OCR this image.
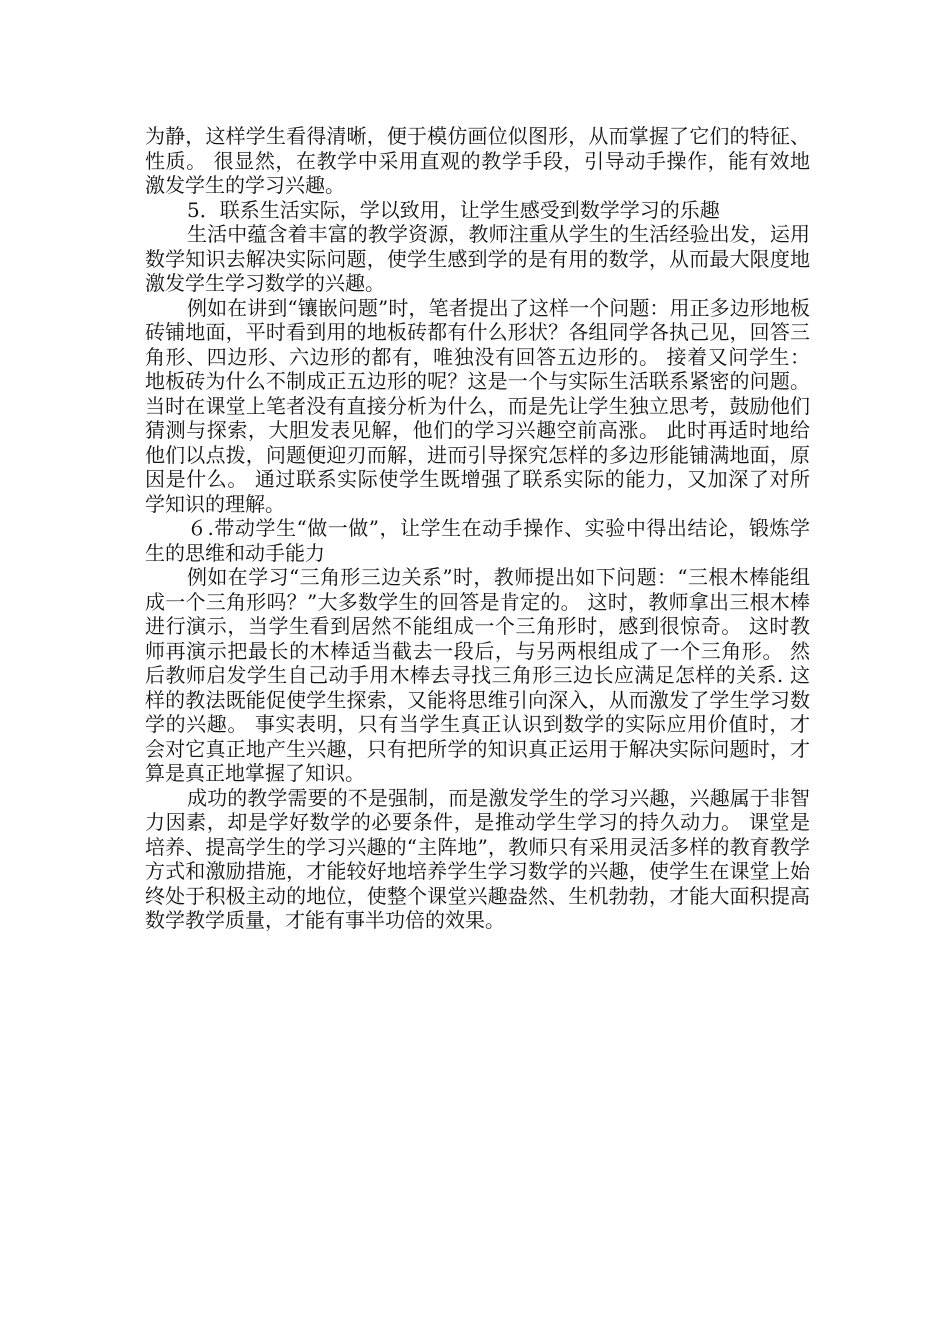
为静，这样学生看得清晰，便于模仿画位似图形，从而掌握了它们的特征、性质。 很显然，在教学中采用直观的教学手段，引导动手操作，能有效地激发学生的学习兴趣。

5．联系生活实际，学以致用，让学生感受到数学学习的乐趣

生活中蕴含着丰富的教学资源，教师注重从学生的生活经验出发，运用数学知识去解决实际问题，使学生感到学的是有用的数学，从而最大限度地激发学生学习数学的兴趣。

例如在讲到“镶嵌问题”时，笔者提出了这样一个问题：用正多边形地板砖铺地面，平时看到用的地板砖都有什么形状？各组同学各执己见，回答三角形、四边形、六边形的都有，唯独没有回答五边形的。 接着又问学生：地板砖为什么不制成正五边形的呢？这是一个与实际生活联系紧密的问题。 当时在课堂上笔者没有直接分析为什么，而是先让学生独立思考，鼓励他们猜测与探索，大胆发表见解，他们的学习兴趣空前高涨。 此时再适时地给他们以点拨，问题便迎刃而解，进而引导探究怎样的多边形能铺满地面，原因是什么。 通过联系实际使学生既增强了联系实际的能力，又加深了对所学知识的理解。

６.带动学生“做一做”，让学生在动手操作、实验中得出结论，锻炼学生的思维和动手能力

例如在学习“三角形三边关系”时，教师提出如下问题：“三根木棒能组成一个三角形吗？”大多数学生的回答是肯定的。 这时，教师拿出三根木棒进行演示，当学生看到居然不能组成一个三角形时，感到很惊奇。 这时教师再演示把最长的木棒适当截去一段后，与另两根组成了一个三角形。 然后教师启发学生自己动手用木棒去寻找三角形三边长应满足怎样的关系. 这样的教法既能促使学生探索，又能将思维引向深入，从而激发了学生学习数学的兴趣。 事实表明，只有当学生真正认识到数学的实际应用价值时，才会对它真正地产生兴趣，只有把所学的知识真正运用于解决实际问题时，才算是真正地掌握了知识。

成功的教学需要的不是强制，而是激发学生的学习兴趣，兴趣属于非智力因素，却是学好数学的必要条件，是推动学生学习的持久动力。 课堂是培养、提高学生的学习兴趣的“主阵地”，教师只有采用灵活多样的教育教学方式和激励措施，才能较好地培养学生学习数学的兴趣，使学生在课堂上始终处于积极主动的地位，使整个课堂兴趣盎然、生机勃勃，才能大面积提高数学教学质量，才能有事半功倍的效果。
